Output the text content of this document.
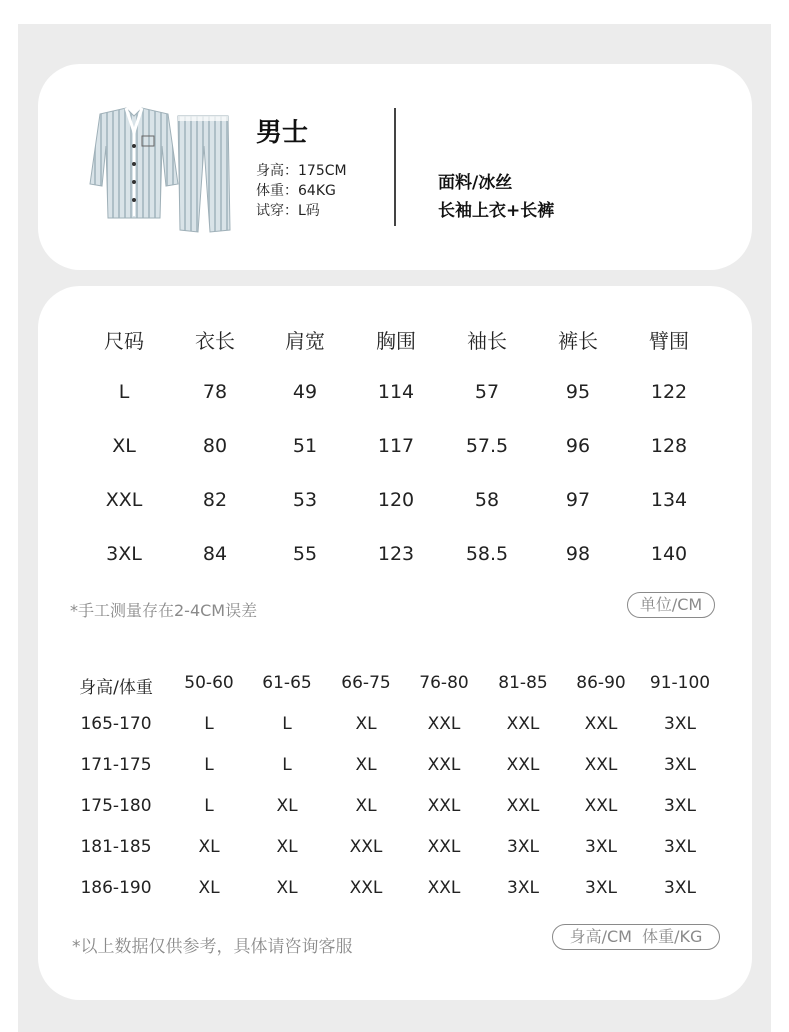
男士
身高：175CM
体重：64KG
试穿：L码
面料/冰丝
长袖上衣+长裤
尺码	衣长	肩宽	胸围	袖长	裤长	臂围
L	78	49	114	57	95	122
XL	80	51	117	57.5	96	128
XXL	82	53	120	58	97	134
3XL	84	55	123	58.5	98	140
*手工测量存在2-4CM误差	单位/CM
身高/体重	50-60	61-65	66-75	76-80	81-85	86-90	91-100
165-170	L	L	XL	XXL	XXL	XXL	3XL
171-175	L	L	XL	XXL	XXL	XXL	3XL
175-180	L	XL	XL	XXL	XXL	XXL	3XL
181-185	XL	XL	XXL	XXL	3XL	3XL	3XL
186-190	XL	XL	XXL	XXL	3XL	3XL	3XL
*以上数据仅供参考，具体请咨询客服
身高/CM  体重/KG
